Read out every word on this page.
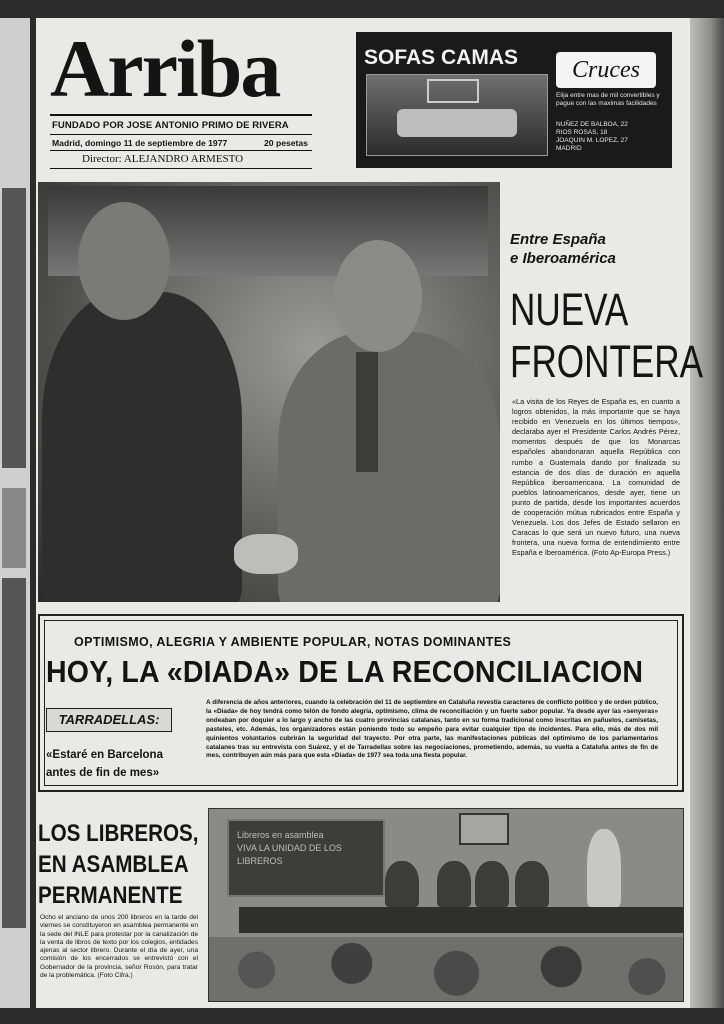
Arriba
FUNDADO POR JOSE ANTONIO PRIMO DE RIVERA
Madrid, domingo 11 de septiembre de 1977	20 pesetas
Director: ALEJANDRO ARMESTO
SOFAS CAMAS	Cruces
Elija entre mas de mil convertibles y pague con las maximas facilidades
NUÑEZ DE BALBOA, 22
RIOS ROSAS, 18
JOAQUIN M. LOPEZ, 27
MADRID
Entre España
e Iberoamérica
NUEVA
FRONTERA
«La visita de los Reyes de España es, en cuanto a logros obtenidos, la más importante que se haya recibido en Venezuela en los últimos tiempos», declaraba ayer el Presidente Carlos Andrés Pérez, momentos después de que los Monarcas españoles abandonaran aquella República con rumbo a Guatemala dando por finalizada su estancia de dos días de duración en aquella República iberoamericana. La comunidad de pueblos latinoamericanos, desde ayer, tiene un punto de partida, desde los importantes acuerdos de cooperación mútua rubricados entre España y Venezuela. Los dos Jefes de Estado sellaron en Caracas lo que será un nuevo futuro, una nueva frontera, una nueva forma de entendimiento entre España e Iberoamérica. (Foto Ap-Europa Press.)
OPTIMISMO, ALEGRIA Y AMBIENTE POPULAR, NOTAS DOMINANTES
HOY, LA «DIADA» DE LA RECONCILIACION
TARRADELLAS:
«Estaré en Barcelona antes de fin de mes»
A diferencia de años anteriores, cuando la celebración del 11 de septiembre en Cataluña revestía caracteres de conflicto político y de orden público, la «Diada» de hoy tendrá como telón de fondo alegría, optimismo, clima de reconciliación y un fuerte sabor popular. Ya desde ayer las «senyeras» ondeaban por doquier a lo largo y ancho de las cuatro provincias catalanas, tanto en su forma tradicional como inscritas en pañuelos, camisetas, pasteles, etc. Además, los organizadores están poniendo todo su empeño para evitar cualquier tipo de incidentes. Para ello, más de dos mil quinientos voluntarios cubrirán la seguridad del trayecto. Por otra parte, las manifestaciones públicas del optimismo de los parlamentarios catalanes tras su entrevista con Suárez, y el de Tarradellas sobre las negociaciones, prometiendo, además, su vuelta a Cataluña antes de fin de mes, contribuyen aún más para que esta «Diada» de 1977 sea toda una fiesta popular.
LOS LIBREROS,
EN ASAMBLEA
PERMANENTE
Ocho el anciano de unos 200 libreros en la tarde del viernes se constituyeron en asamblea permanente en la sede del INLE para protestar por la canalización de la venta de libros de texto por los colegios, entidades ajenas al sector librero. Durante el día de ayer, una comisión de los encerrados se entrevistó con el Gobernador de la provincia, señor Rosón, para tratar de la problemática. (Foto Cifra.)
Libreros en asamblea
VIVA LA UNIDAD DE LOS
LIBREROS
